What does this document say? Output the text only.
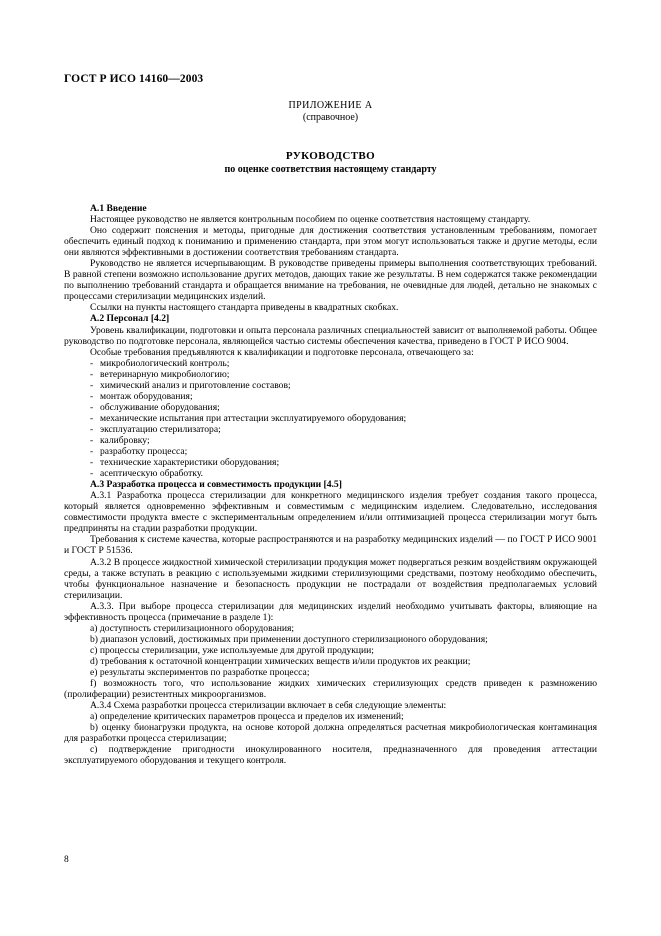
ГОСТ Р ИСО 14160—2003
ПРИЛОЖЕНИЕ А
(справочное)
РУКОВОДСТВО
по оценке соответствия настоящему стандарту
А.1 Введение

Настоящее руководство не является контрольным пособием по оценке соответствия настоящему стандарту.

Оно содержит пояснения и методы, пригодные для достижения соответствия установленным требованиям, помогает обеспечить единый подход к пониманию и применению стандарта, при этом могут использоваться также и другие методы, если они являются эффективными в достижении соответствия требованиям стандарта.

Руководство не является исчерпывающим. В руководстве приведены примеры выполнения соответствующих требований. В равной степени возможно использование других методов, дающих такие же результаты. В нем содержатся также рекомендации по выполнению требований стандарта и обращается внимание на требования, не очевидные для людей, детально не знакомых с процессами стерилизации медицинских изделий.

Ссылки на пункты настоящего стандарта приведены в квадратных скобках.

А.2 Персонал [4.2]

Уровень квалификации, подготовки и опыта персонала различных специальностей зависит от выполняемой работы. Общее руководство по подготовке персонала, являющейся частью системы обеспечения качества, приведено в ГОСТ Р ИСО 9004.

Особые требования предъявляются к квалификации и подготовке персонала, отвечающего за:

- микробиологический контроль;
- ветеринарную микробиологию;
- химический анализ и приготовление составов;
- монтаж оборудования;
- обслуживание оборудования;
- механические испытания при аттестации эксплуатируемого оборудования;
- эксплуатацию стерилизатора;
- калибровку;
- разработку процесса;
- технические характеристики оборудования;
- асептическую обработку.
А.3 Разработка процесса и совместимость продукции [4.5]

А.3.1 Разработка процесса стерилизации для конкретного медицинского изделия требует создания такого процесса, который является одновременно эффективным и совместимым с медицинским изделием. Следовательно, исследования совместимости продукта вместе с экспериментальным определением и/или оптимизацией процесса стерилизации могут быть предприняты на стадии разработки продукции.

Требования к системе качества, которые распространяются и на разработку медицинских изделий — по ГОСТ Р ИСО 9001 и ГОСТ Р 51536.

А.3.2 В процессе жидкостной химической стерилизации продукция может подвергаться резким воздействиям окружающей среды, а также вступать в реакцию с используемыми жидкими стерилизующими средствами, поэтому необходимо обеспечить, чтобы функциональное назначение и безопасность продукции не пострадали от воздействия предполагаемых условий стерилизации.

А.3.3. При выборе процесса стерилизации для медицинских изделий необходимо учитывать факторы, влияющие на эффективность процесса (примечание в разделе 1):

a) доступность стерилизационного оборудования;
b) диапазон условий, достижимых при применении доступного стерилизационого оборудования;
c) процессы стерилизации, уже используемые для другой продукции;
d) требования к остаточной концентрации химических веществ и/или продуктов их реакции;
e) результаты экспериментов по разработке процесса;
f) возможность того, что использование жидких химических стерилизующих средств приведен к размножению (пролиферации) резистентных микроорганизмов.

А.3.4 Схема разработки процесса стерилизации включает в себя следующие элементы:

а) определение критических параметров процесса и пределов их изменений;
b) оценку бионагрузки продукта, на основе которой должна определяться расчетная микробиологическая контаминация для разработки процесса стерилизации;
c) подтверждение пригодности инокулированного носителя, предназначенного для проведения аттестации эксплуатируемого оборудования и текущего контроля.
8
